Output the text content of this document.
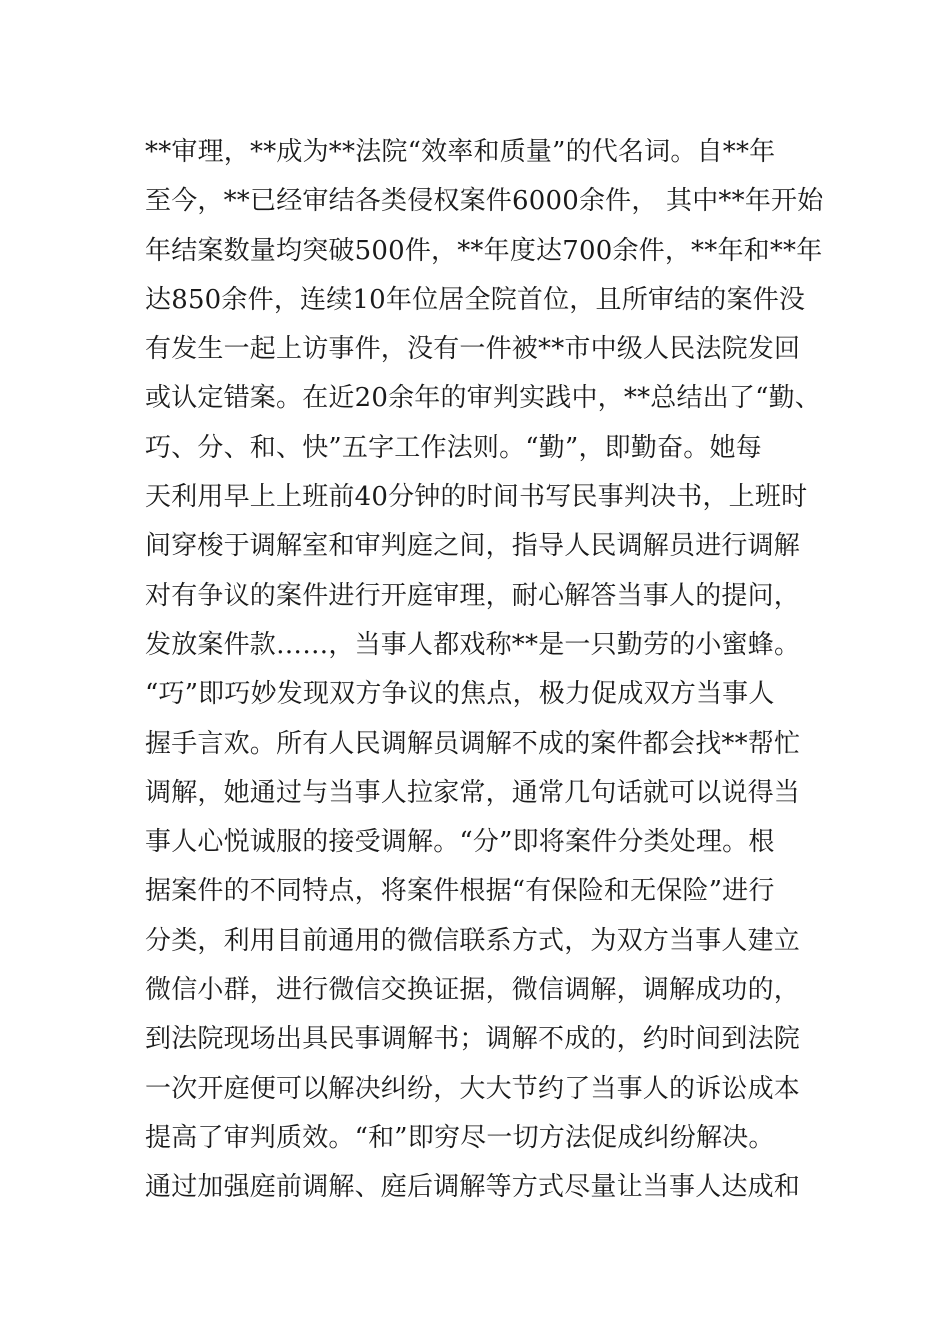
**审理，**成为**法院“效率和质量”的代名词。自**年
至今，**已经审结各类侵权案件6000余件， 其中**年开始
年结案数量均突破500件，**年度达700余件，**年和**年
达850余件，连续10年位居全院首位，且所审结的案件没
有发生一起上访事件，没有一件被**市中级人民法院发回
或认定错案。在近20余年的审判实践中，**总结出了“勤、
巧、分、和、快”五字工作法则。“勤”，即勤奋。她每
天利用早上上班前40分钟的时间书写民事判决书，上班时
间穿梭于调解室和审判庭之间，指导人民调解员进行调解
对有争议的案件进行开庭审理，耐心解答当事人的提问，
发放案件款……，当事人都戏称**是一只勤劳的小蜜蜂。
“巧”即巧妙发现双方争议的焦点，极力促成双方当事人
握手言欢。所有人民调解员调解不成的案件都会找**帮忙
调解，她通过与当事人拉家常，通常几句话就可以说得当
事人心悦诚服的接受调解。“分”即将案件分类处理。根
据案件的不同特点，将案件根据“有保险和无保险”进行
分类，利用目前通用的微信联系方式，为双方当事人建立
微信小群，进行微信交换证据，微信调解，调解成功的，
到法院现场出具民事调解书；调解不成的，约时间到法院
一次开庭便可以解决纠纷，大大节约了当事人的诉讼成本
提高了审判质效。“和”即穷尽一切方法促成纠纷解决。
通过加强庭前调解、庭后调解等方式尽量让当事人达成和
